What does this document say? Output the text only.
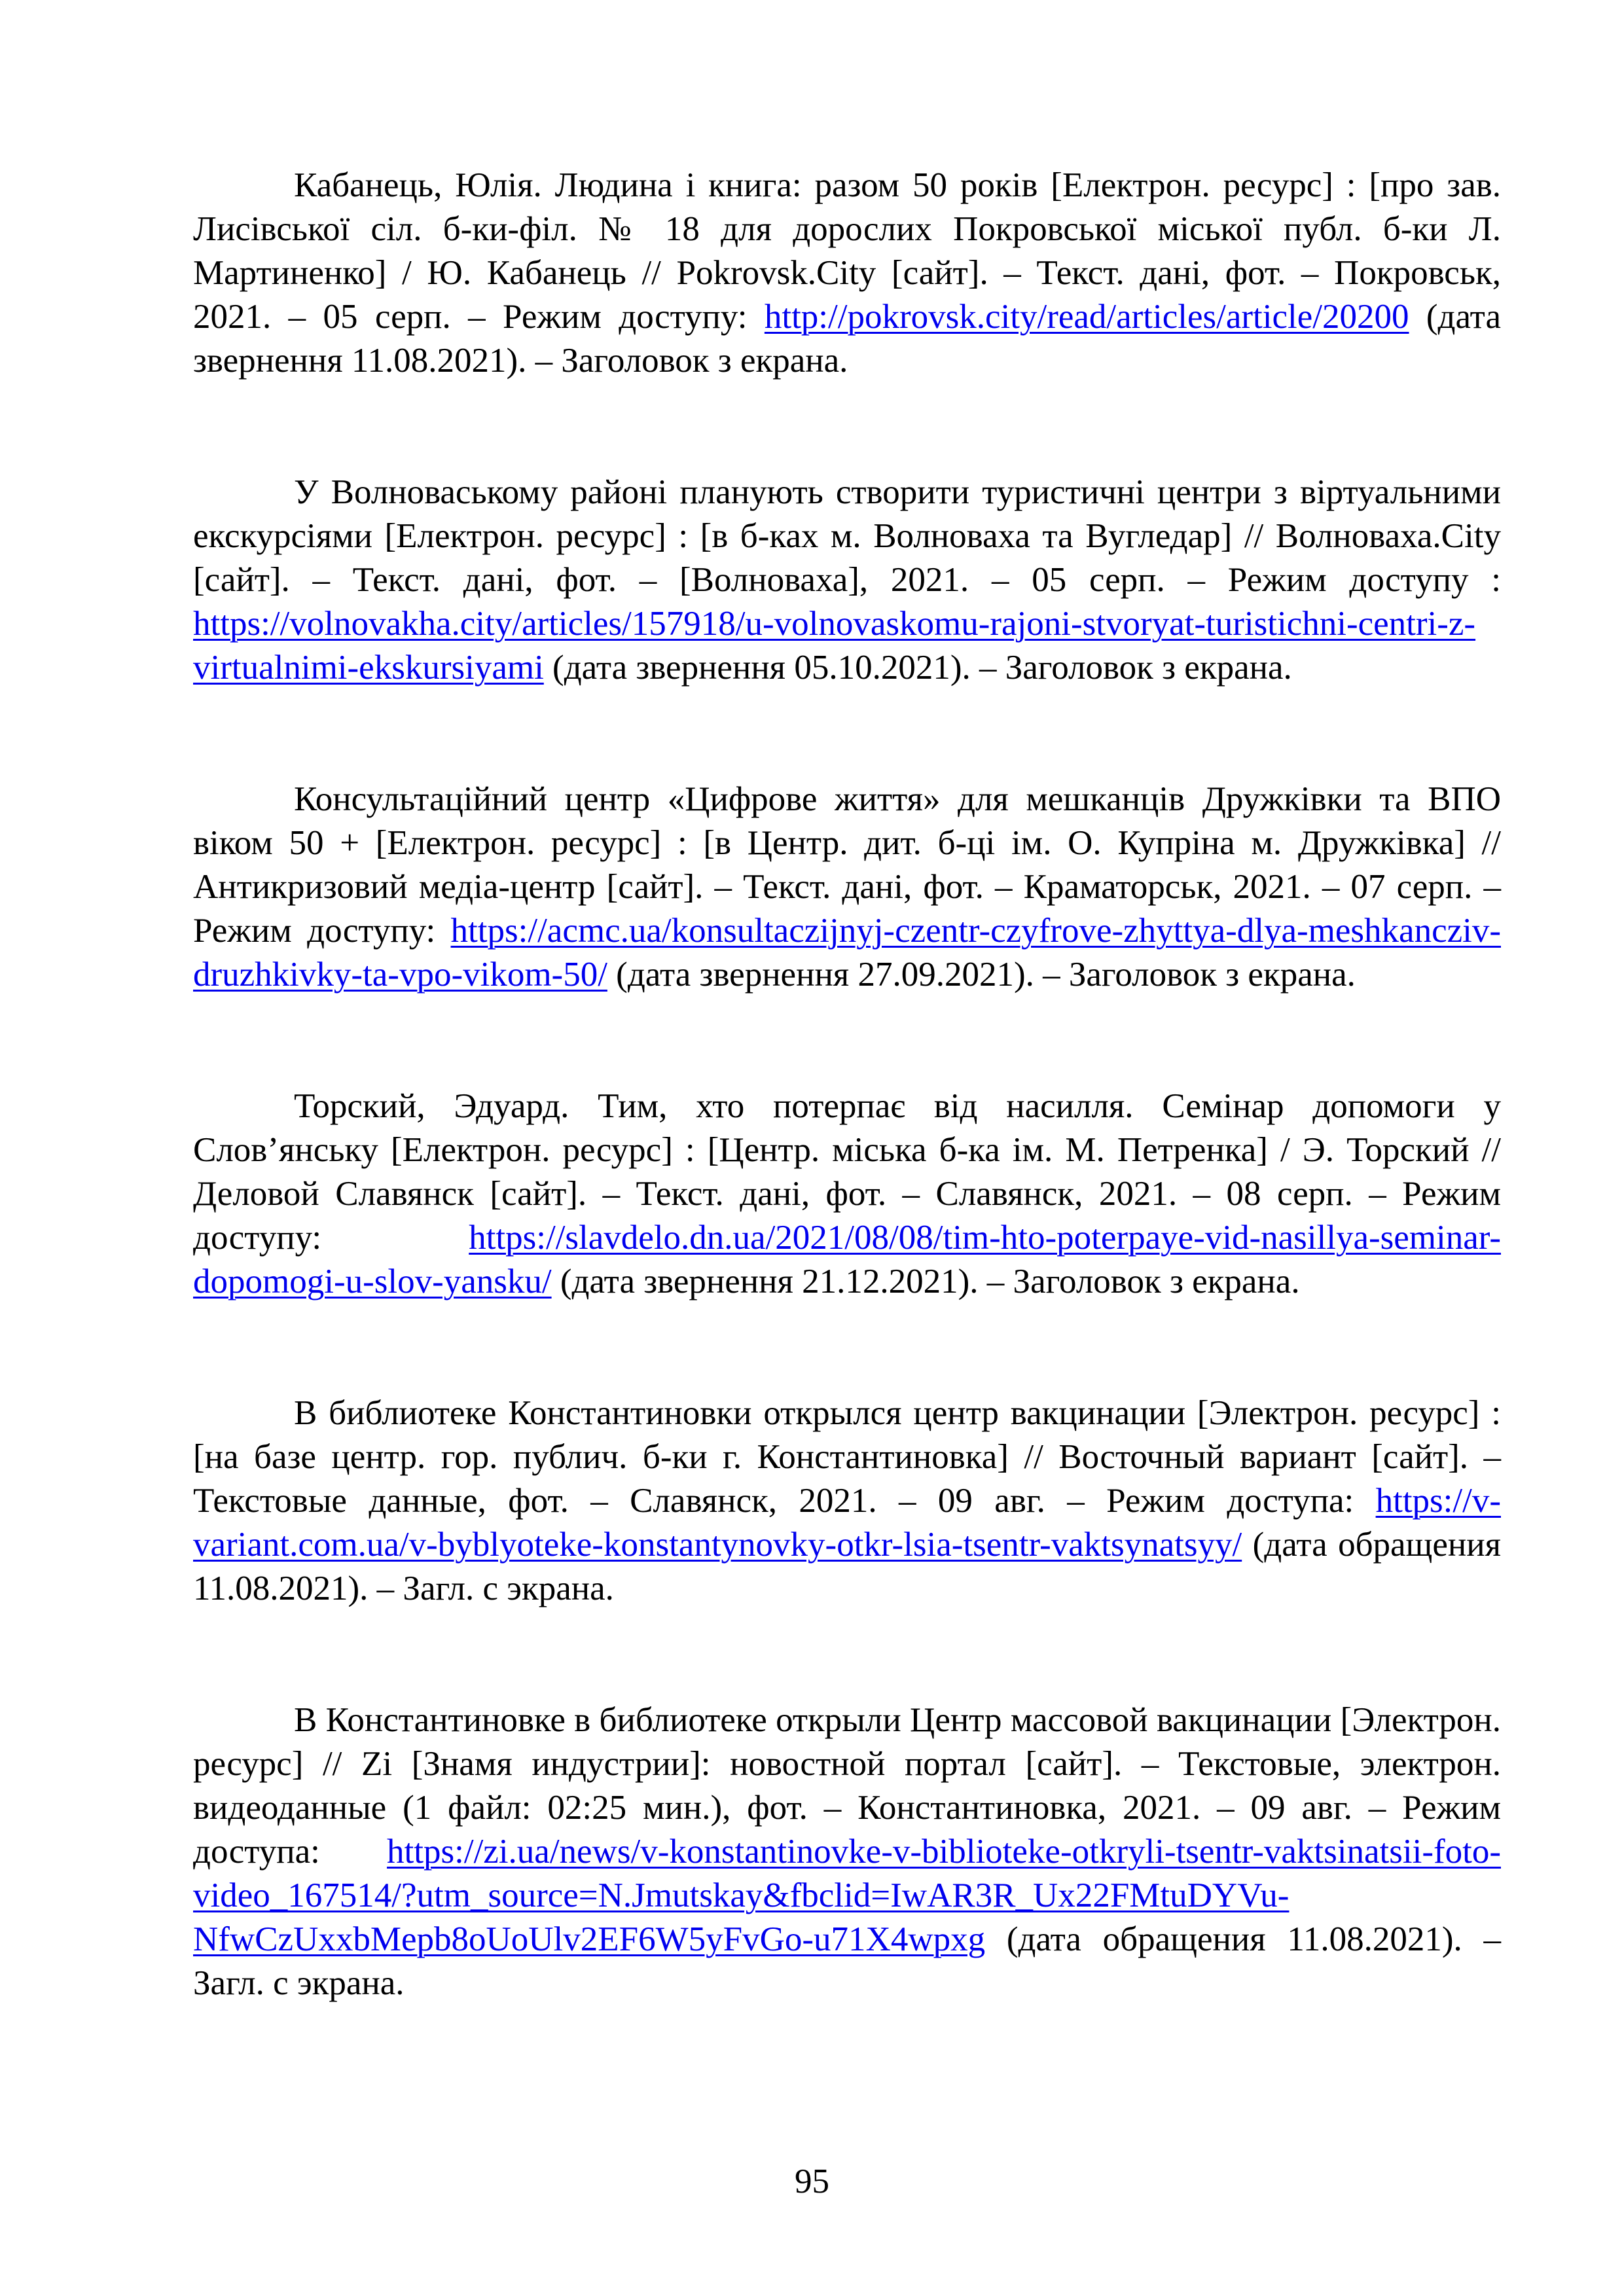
Кабанець, Юлія. Людина і книга: разом 50 років [Електрон. ресурс] : [про зав. Лисівської сіл. б-ки-філ. № 18 для дорослих Покровської міської публ. б-ки Л. Мартиненко] / Ю. Кабанець // Pokrovsk.City [сайт]. – Текст. дані, фот. – Покровськ, 2021. – 05 серп. – Режим доступу: http://pokrovsk.city/read/articles/article/20200 (дата звернення 11.08.2021). – Заголовок з екрана.

У Волноваському районі планують створити туристичні центри з віртуальними екскурсіями [Електрон. ресурс] : [в б-ках м. Волноваха та Вугледар] // Волноваха.City [сайт]. – Текст. дані, фот. – [Волноваха], 2021. – 05 серп. – Режим доступу : https://volnovakha.city/articles/157918/u-volnovaskomu-rajoni-stvoryat-turistichni-centri-z-virtualnimi-ekskursiyami (дата звернення 05.10.2021). – Заголовок з екрана.

Консультаційний центр «Цифрове життя» для мешканців Дружківки та ВПО віком 50 + [Електрон. ресурс] : [в Центр. дит. б-ці ім. О. Купріна м. Дружківка] // Антикризовий медіа-центр [сайт]. – Текст. дані, фот. – Краматорськ, 2021. – 07 серп. – Режим доступу: https://acmc.ua/konsultaczijnyj-czentr-czyfrove-zhyttya-dlya-meshkancziv-druzhkivky-ta-vpo-vikom-50/ (дата звернення 27.09.2021). – Заголовок з екрана.

Торский, Эдуард. Тим, хто потерпає від насилля. Семінар допомоги у Слов’янську [Електрон. ресурс] : [Центр. міська б-ка ім. М. Петренка] / Э. Торский // Деловой Славянск [сайт]. – Текст. дані, фот. – Славянск, 2021. – 08 серп. – Режим доступу: https://slavdelo.dn.ua/2021/08/08/tim-hto-poterpaye-vid-nasillya-seminar-dopomogi-u-slov-yansku/ (дата звернення 21.12.2021). – Заголовок з екрана.

В библиотеке Константиновки открылся центр вакцинации [Электрон. ресурс] : [на базе центр. гор. публич. б-ки г. Константиновка] // Восточный вариант [сайт]. – Текстовые данные, фот. – Славянск, 2021. – 09 авг. – Режим доступа: https://v-variant.com.ua/v-byblyoteke-konstantynovky-otkr-lsia-tsentr-vaktsynatsyy/ (дата обращения 11.08.2021). – Загл. с экрана.

В Константиновке в библиотеке открыли Центр массовой вакцинации [Электрон. ресурс] // Zi [Знамя индустрии]: новостной портал [сайт]. – Текстовые, электрон. видеоданные (1 файл: 02:25 мин.), фот. – Константиновка, 2021. – 09 авг. – Режим доступа: https://zi.ua/news/v-konstantinovke-v-biblioteke-otkryli-tsentr-vaktsinatsii-foto-video_167514/?utm_source=N.Jmutskay&fbclid=IwAR3R_Ux22FMtuDYVu-NfwCzUxxbMepb8oUoUlv2EF6W5yFvGo-u71X4wpxg (дата обращения 11.08.2021). – Загл. с экрана.

95
